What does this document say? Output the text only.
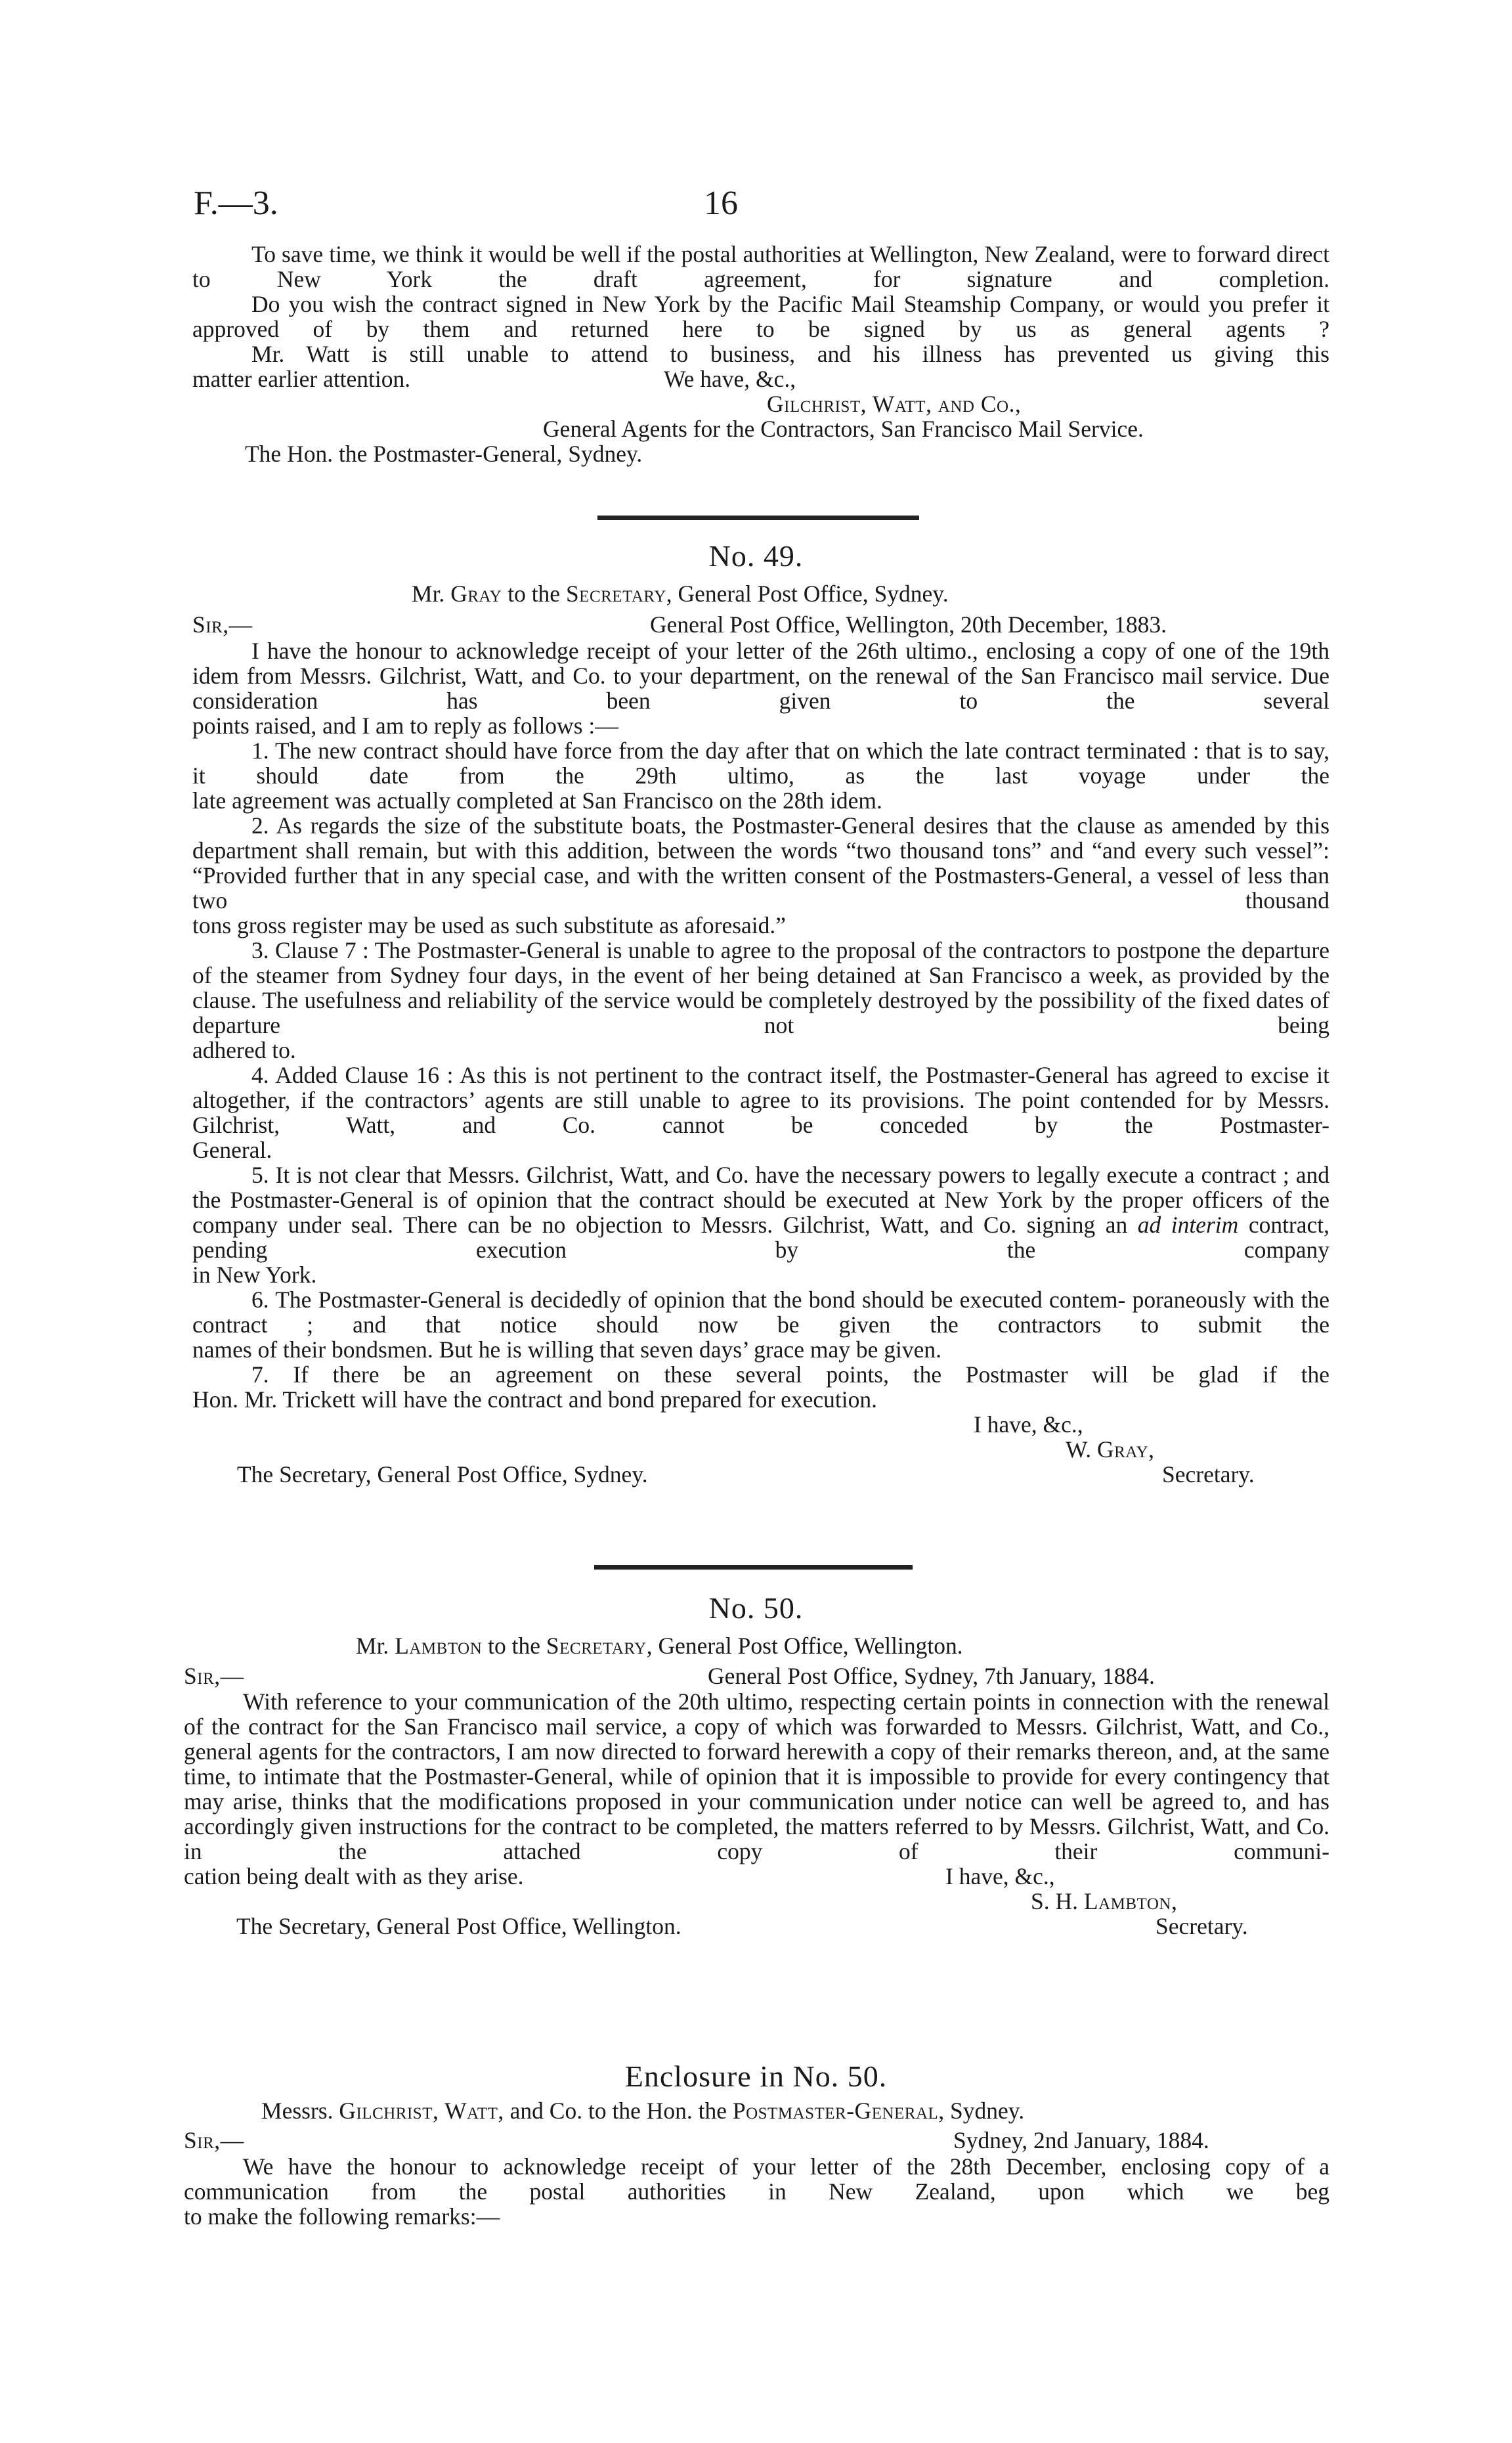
F.—3.	16

To save time, we think it would be well if the postal authorities at Wellington, New Zealand, were to forward direct to New York the draft agreement, for signature and completion.

Do you wish the contract signed in New York by the Pacific Mail Steamship Company, or would you prefer it approved of by them and returned here to be signed by us as general agents ?

Mr. Watt is still unable to attend to business, and his illness has prevented us giving this

matter earlier attention.	We have, &c.,

Gilchrist, Watt, and Co.,

General Agents for the Contractors, San Francisco Mail Service.

The Hon. the Postmaster-General, Sydney.

No. 49.
Mr. Gray to the Secretary, General Post Office, Sydney.
Sir,—	General Post Office, Wellington, 20th December, 1883.

I have the honour to acknowledge receipt of your letter of the 26th ultimo., enclosing a copy of one of the 19th idem from Messrs. Gilchrist, Watt, and Co. to your department, on the renewal of the San Francisco mail service. Due consideration has been given to the several

points raised, and I am to reply as follows :—

1. The new contract should have force from the day after that on which the late contract terminated : that is to say, it should date from the 29th ultimo, as the last voyage under the

late agreement was actually completed at San Francisco on the 28th idem.

2. As regards the size of the substitute boats, the Postmaster-General desires that the clause as amended by this department shall remain, but with this addition, between the words “two thousand tons” and “and every such vessel”: “Provided further that in any special case, and with the written consent of the Postmasters-General, a vessel of less than two thousand

tons gross register may be used as such substitute as aforesaid.”

3. Clause 7 : The Postmaster-General is unable to agree to the proposal of the contractors to postpone the departure of the steamer from Sydney four days, in the event of her being detained at San Francisco a week, as provided by the clause. The usefulness and reliability of the service would be completely destroyed by the possibility of the fixed dates of departure not being

adhered to.

4. Added Clause 16 : As this is not pertinent to the contract itself, the Postmaster-General has agreed to excise it altogether, if the contractors’ agents are still unable to agree to its provisions. The point contended for by Messrs. Gilchrist, Watt, and Co. cannot be conceded by the Postmaster-

General.

5. It is not clear that Messrs. Gilchrist, Watt, and Co. have the necessary powers to legally execute a contract ; and the Postmaster-General is of opinion that the contract should be executed at New York by the proper officers of the company under seal. There can be no objection to Messrs. Gilchrist, Watt, and Co. signing an ad interim contract, pending execution by the company

in New York.

6. The Postmaster-General is decidedly of opinion that the bond should be executed contem- poraneously with the contract ; and that notice should now be given the contractors to submit the

names of their bondsmen. But he is willing that seven days’ grace may be given.

7. If there be an agreement on these several points, the Postmaster will be glad if the

Hon. Mr. Trickett will have the contract and bond prepared for execution.

I have, &c.,

W. Gray,

The Secretary, General Post Office, Sydney.	Secretary.

No. 50.
Mr. Lambton to the Secretary, General Post Office, Wellington.
Sir,—	General Post Office, Sydney, 7th January, 1884.

With reference to your communication of the 20th ultimo, respecting certain points in connection with the renewal of the contract for the San Francisco mail service, a copy of which was forwarded to Messrs. Gilchrist, Watt, and Co., general agents for the contractors, I am now directed to forward herewith a copy of their remarks thereon, and, at the same time, to intimate that the Postmaster-General, while of opinion that it is impossible to provide for every contingency that may arise, thinks that the modifications proposed in your communication under notice can well be agreed to, and has accordingly given instructions for the contract to be completed, the matters referred to by Messrs. Gilchrist, Watt, and Co. in the attached copy of their communi-

cation being dealt with as they arise.	I have, &c.,

S. H. Lambton,

The Secretary, General Post Office, Wellington.	Secretary.

Enclosure in No. 50.
Messrs. Gilchrist, Watt, and Co. to the Hon. the Postmaster-General, Sydney.
Sir,—	Sydney, 2nd January, 1884.

We have the honour to acknowledge receipt of your letter of the 28th December, enclosing copy of a communication from the postal authorities in New Zealand, upon which we beg

to make the following remarks:—
